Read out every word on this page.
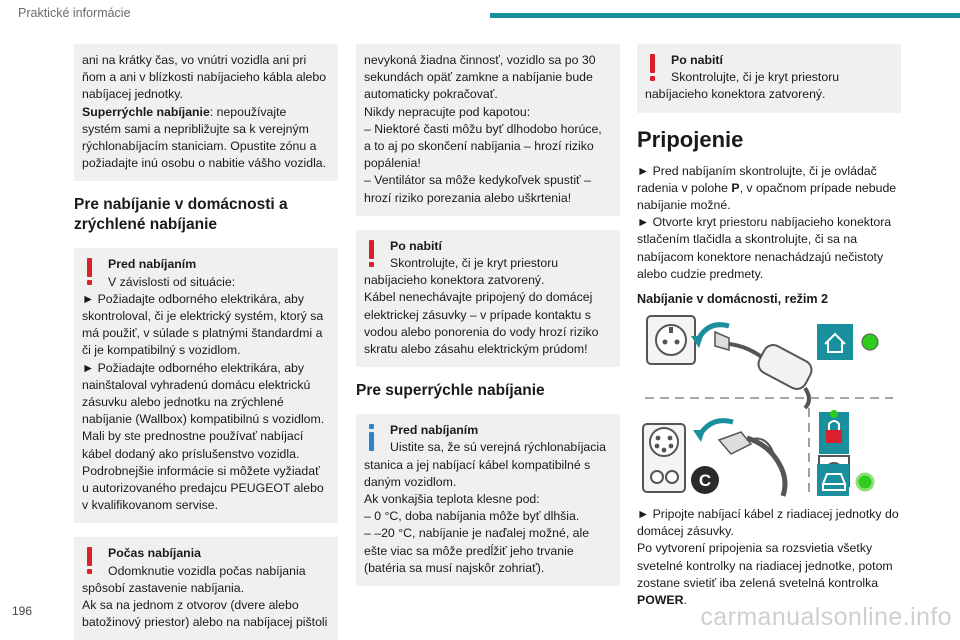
Praktické informácie

ani na krátky čas, vo vnútri vozidla ani pri

ňom a ani v blízkosti nabíjacieho kábla alebo

nabíjacej jednotky.

Superrýchle nabíjanie: nepoužívajte

systém sami a nepribližujte sa k verejným

rýchlonabíjacím staniciam. Opustite zónu a

požiadajte inú osobu o nabitie vášho vozidla.

Pre nabíjanie v domácnosti a zrýchlené nabíjanie

Pred nabíjaním

V závislosti od situácie:

► Požiadajte odborného elektrikára, aby

skontroloval, či je elektrický systém, ktorý sa

má použiť, v súlade s platnými štandardmi a

či je kompatibilný s vozidlom.

► Požiadajte odborného elektrikára, aby

nainštaloval vyhradenú domácu elektrickú

zásuvku alebo jednotku na zrýchlené

nabíjanie (Wallbox) kompatibilnú s vozidlom.

Mali by ste prednostne používať nabíjací

kábel dodaný ako príslušenstvo vozidla.

Podrobnejšie informácie si môžete vyžiadať

u autorizovaného predajcu PEUGEOT alebo

v kvalifikovanom servise.

Počas nabíjania

Odomknutie vozidla počas nabíjania

spôsobí zastavenie nabíjania.

Ak sa na jednom z otvorov (dvere alebo

batožinový priestor) alebo na nabíjacej pištoli

nevykoná žiadna činnosť, vozidlo sa po 30

sekundách opäť zamkne a nabíjanie bude

automaticky pokračovať.

Nikdy nepracujte pod kapotou:

– Niektoré časti môžu byť dlhodobo horúce,

a to aj po skončení nabíjania – hrozí riziko

popálenia!

– Ventilátor sa môže kedykoľvek spustiť –

hrozí riziko porezania alebo uškrtenia!

Po nabití

Skontrolujte, či je kryt priestoru

nabíjacieho konektora zatvorený.

Kábel nenechávajte pripojený do domácej

elektrickej zásuvky – v prípade kontaktu s

vodou alebo ponorenia do vody hrozí riziko

skratu alebo zásahu elektrickým prúdom!

Pre superrýchle nabíjanie

Pred nabíjaním

Uistite sa, že sú verejná rýchlonabíjacia

stanica a jej nabíjací kábel kompatibilné s

daným vozidlom.

Ak vonkajšia teplota klesne pod:

– 0 °C, doba nabíjania môže byť dlhšia.

– –20 °C, nabíjanie je naďalej možné, ale

ešte viac sa môže predĺžiť jeho trvanie

(batéria sa musí najskôr zohriať).

Po nabití

Skontrolujte, či je kryt priestoru

nabíjacieho konektora zatvorený.

Pripojenie

► Pred nabíjaním skontrolujte, či je ovládač

radenia v polohe P, v opačnom prípade nebude

nabíjanie možné.

► Otvorte kryt priestoru nabíjacieho konektora

stlačením tlačidla a skontrolujte, či sa na

nabíjacom konektore nenachádzajú nečistoty

alebo cudzie predmety.

Nabíjanie v domácnosti, režim 2

C

► Pripojte nabíjací kábel z riadiacej jednotky do

domácej zásuvky.

Po vytvorení pripojenia sa rozsvietia všetky

svetelné kontrolky na riadiacej jednotke, potom

zostane svietiť iba zelená svetelná kontrolka

POWER.

196	carmanualsonline.info
